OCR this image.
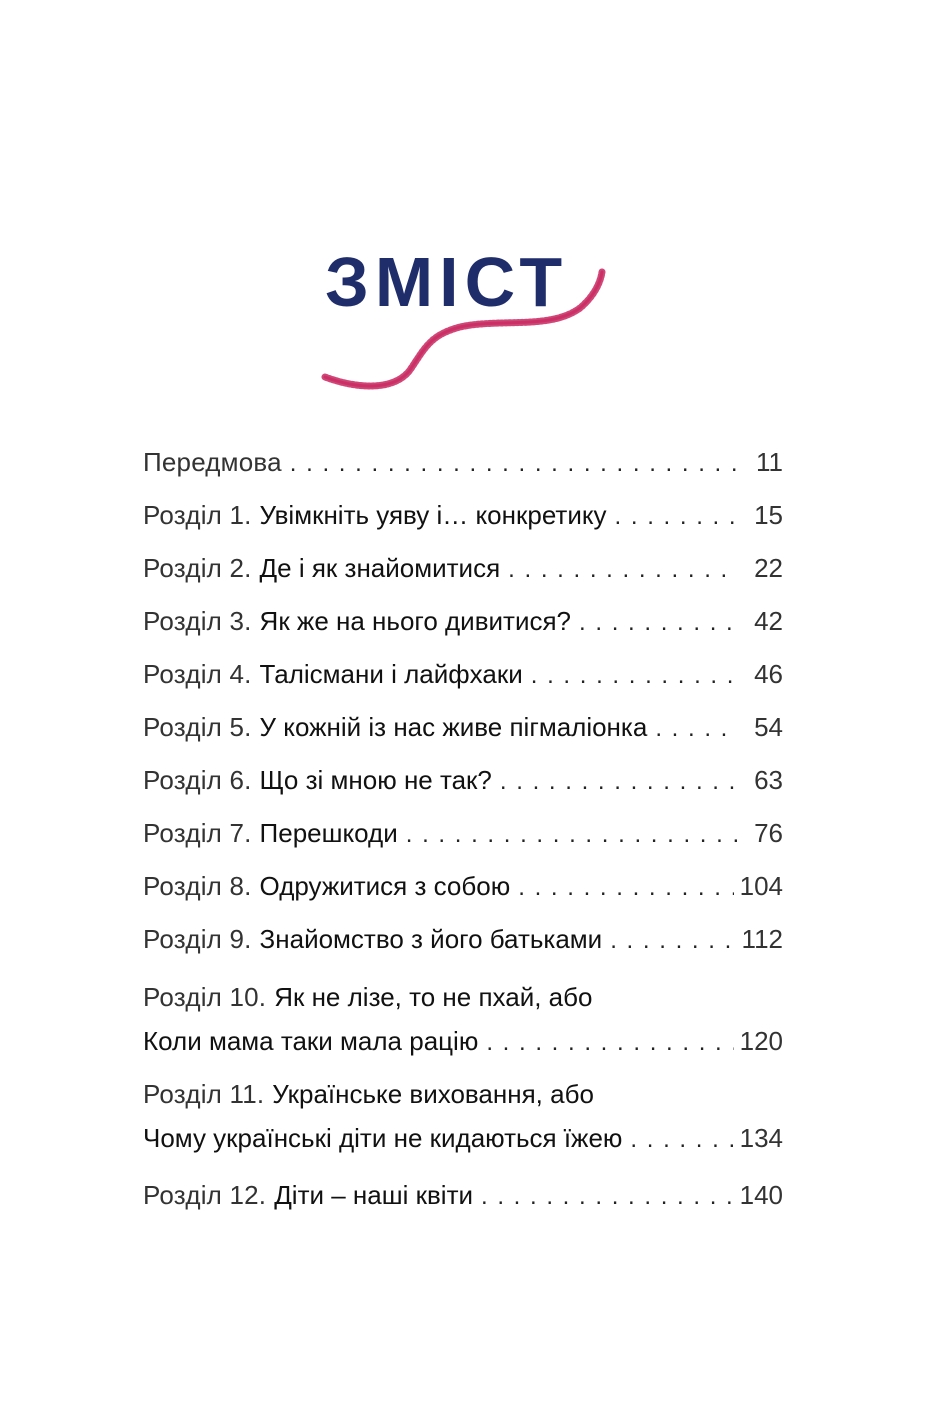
ЗМІСТ
Передмова . . .	11
Розділ 1. Увімкніть уяву і… конкретику . . .	15
Розділ 2. Де і як знайомитися . . .	22
Розділ 3. Як же на нього дивитися? . . .	42
Розділ 4. Талісмани і лайфхаки . . .	46
Розділ 5. У кожній із нас живе пігмаліонка . . .	54
Розділ 6. Що зі мною не так? . . .	63
Розділ 7. Перешкоди . . .	76
Розділ 8. Одружитися з собою . . .	104
Розділ 9. Знайомство з його батьками . . .	112
Розділ 10. Як не лізе, то не пхай, або
Коли мама таки мала рацію . . .	120
Розділ 11. Українське виховання, або
Чому українські діти не кидаються їжею . . .	134
Розділ 12. Діти – наші квіти . . .	140
